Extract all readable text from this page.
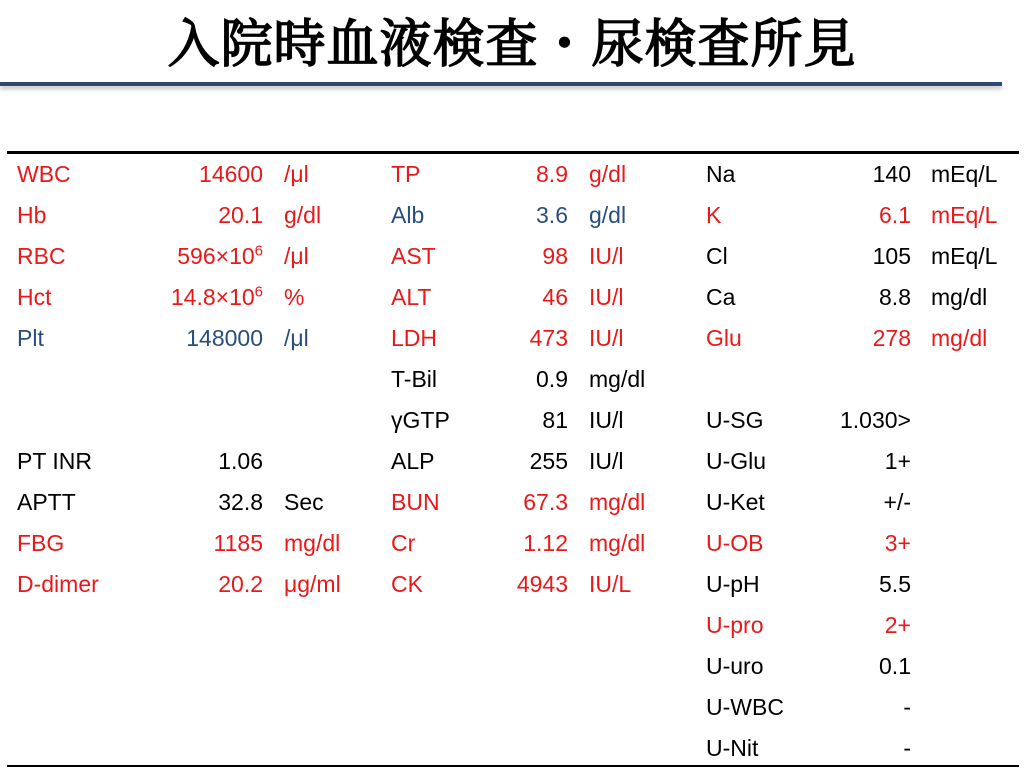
入院時血液検査・尿検査所見
WBC	14600 /μl	TP	8.9 g/dl	Na	140 mEq/L
Hb	20.1 g/dl	Alb	3.6 g/dl	K	6.1 mEq/L
RBC	$596\times 10^6$ /μl	AST	98 IU/l	Cl	105 mEq/L
Hct	$14.8\times 10^6$ %	ALT	46 IU/l	Ca	8.8 mg/dl
Plt	148000 /μl	LDH	473 IU/l	Glu	278 mg/dl
T-Bil	0.9 mg/dl
γGTP	81 IU/l	U-SG	1.030>
PT INR	1.06	ALP	255 IU/l	U-Glu	1+
APTT	32.8 Sec	BUN	67.3 mg/dl	U-Ket	+/-
FBG	1185 mg/dl	Cr	1.12 mg/dl	U-OB	3+
D-dimer	20.2 μg/ml	CK	4943 IU/L	U-pH	5.5
U-pro	2+
U-uro	0.1
U-WBC	-
U-Nit	-
